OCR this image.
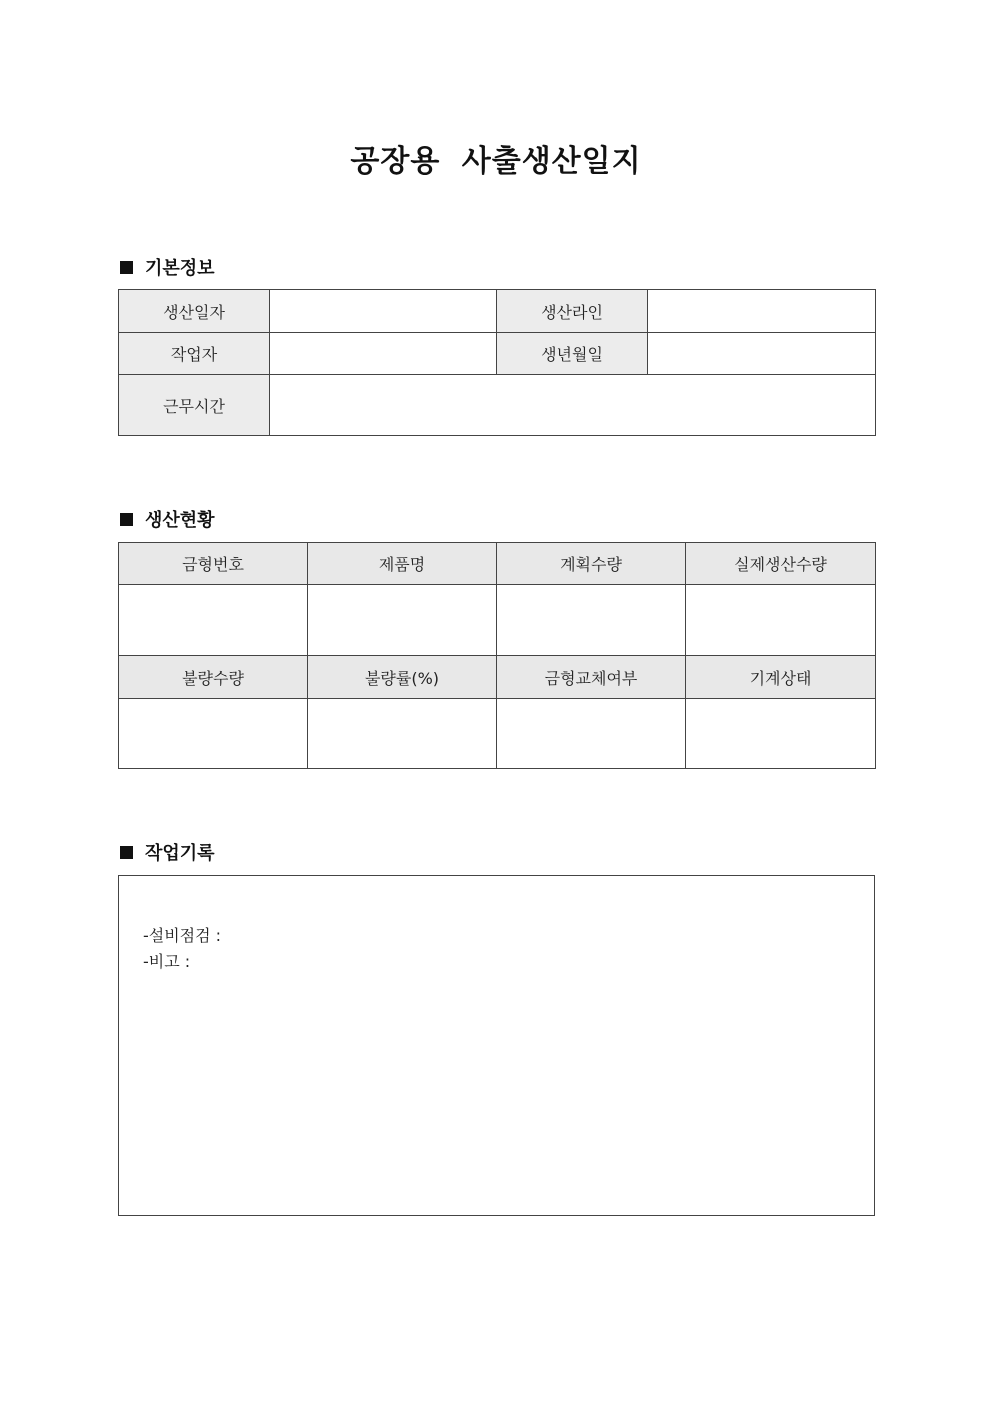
공장용 사출생산일지
기본정보
생산일자		생산라인	
작업자		생년월일	
근무시간			
생산현황
금형번호	제품명	계획수량	실제생산수량

불량수량	불량률(%)	금형교체여부	기계상태

작업기록
-설비점검 :
-비고 :
